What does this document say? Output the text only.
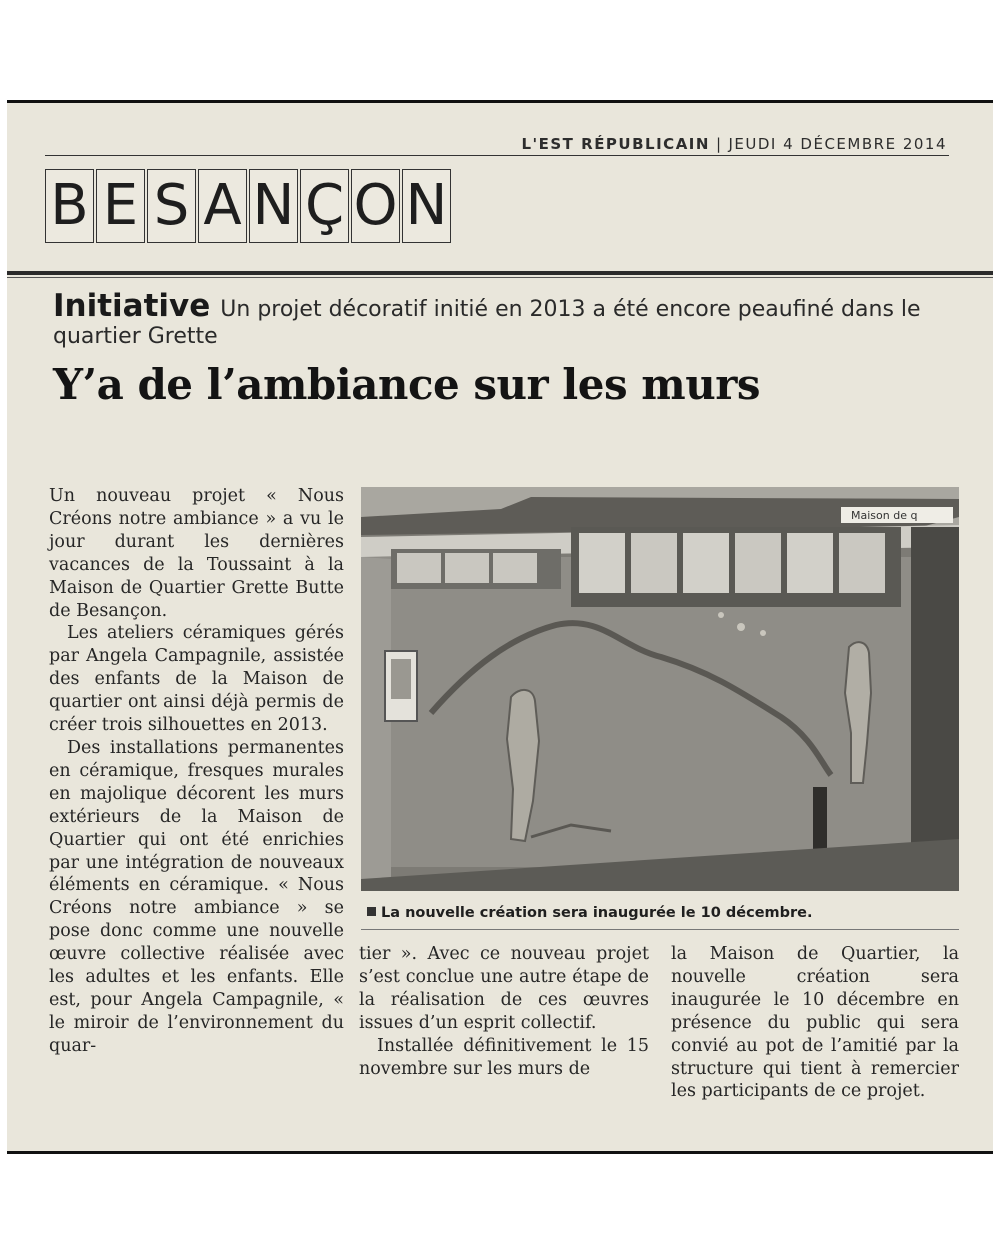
L'EST RÉPUBLICAIN | JEUDI 4 DÉCEMBRE 2014
B E S A N Ç O N
Initiative Un projet décoratif initié en 2013 a été encore peaufiné dans le quartier Grette
Y’a de l’ambiance sur les murs

Un nouveau projet « Nous Créons notre ambiance » a vu le jour durant les dernières vacances de la Toussaint à la Maison de Quartier Grette Butte de Besançon.

Les ateliers céramiques gérés par Angela Campagnile, assistée des enfants de la Maison de quartier ont ainsi déjà permis de créer trois silhouettes en 2013.

Des installations permanentes en céramique, fresques murales en majolique décorent les murs extérieurs de la Maison de Quartier qui ont été enrichies par une intégration de nouveaux éléments en céramique. « Nous Créons notre ambiance » se pose donc comme une nouvelle œuvre collective réalisée avec les adultes et les enfants. Elle est, pour Angela Campagnile, « le miroir de l’environnement du quar-

Maison de q
La nouvelle création sera inaugurée le 10 décembre.

tier ». Avec ce nouveau projet s’est conclue une autre étape de la réalisation de ces œuvres issues d’un esprit collectif.

Installée définitivement le 15 novembre sur les murs de

la Maison de Quartier, la nouvelle création sera inaugurée le 10 décembre en présence du public qui sera convié au pot de l’amitié par la structure qui tient à remercier les participants de ce projet.
